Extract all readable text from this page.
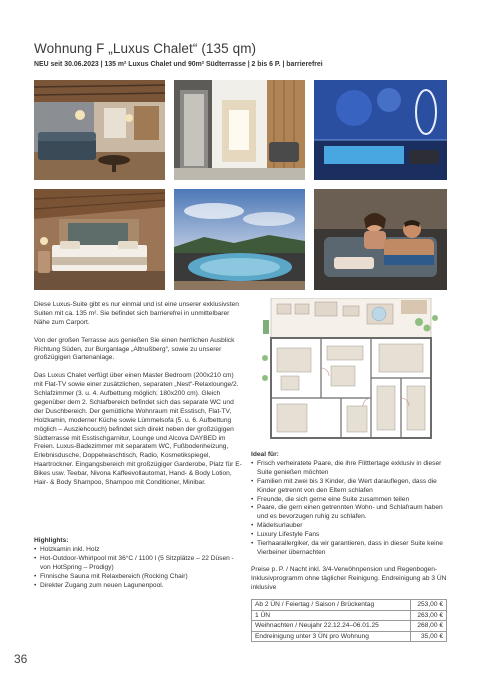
Wohnung F „Luxus Chalet“ (135 qm)
NEU seit 30.06.2023 | 135 m² Luxus Chalet und 90m² Südterrasse | 2 bis 6 P. | barrierefrei

Diese Luxus-Suite gibt es nur einmal und ist eine unserer exklusivsten Suiten mit ca. 135 m². Sie befindet sich barrierefrei in unmittelbarer Nähe zum Carport.

Von der großen Terrasse aus genießen Sie einen herrlichen Ausblick Richtung Süden, zur Burganlage „Altnußberg“, sowie zu unserer großzügigen Gartenanlage.

Das Luxus Chalet verfügt über einen Master Bedroom (200x210 cm) mit Flat-TV sowie einer zusätzlichen, separaten „Nest“-Relaxlounge/2. Schlafzimmer (3. u. 4. Aufbettung möglich; 180x200 cm). Gleich gegenüber dem 2. Schlafbereich befindet sich das separate WC und der Duschbereich. Der gemütliche Wohnraum mit Esstisch, Flat-TV, Holzkamin, moderner Küche sowie Lümmelsofa (5. u. 6. Aufbettung möglich – Ausziehcouch) befindet sich direkt neben der großzügigen Südterrasse mit Esstischgarnitur, Lounge und Alcova DAYBED im Freien. Luxus-Badezimmer mit separatem WC, Fußbodenheizung, Erlebnisdusche, Doppelwaschtisch, Radio, Kosmetikspiegel, Haartrockner. Eingangsbereich mit großzügiger Garderobe, Platz für E-Bikes usw. Teebar, Nivona Kaffeevollautomat, Hand- & Body Lotion, Hair- & Body Shampoo, Shampoo mit Conditioner, Minibar.

Highlights:
• Holzkamin inkl. Holz
• Hot-Outdoor-Whirlpool mit 36°C / 1100 l (5 Sitzplätze – 22 Düsen - von HotSpring – Prodigy)
• Finnische Sauna mit Relaxbereich (Rocking Chair)
• Direkter Zugang zum neuen Lagunenpool.
Ideal für:
• Frisch verheiratete Paare, die ihre Flitttertage exklusiv in dieser Suite genießen möchten
• Familien mit zwei bis 3 Kinder, die Wert darauflegen, dass die Kinder getrennt von den Eltern schlafen
• Freunde, die sich gerne eine Suite zusammen teilen
• Paare, die gern einen getrennten Wohn- und Schlafraum haben und es bevorzugen ruhig zu schlafen.
• Mädelsurlauber
• Luxury Lifestyle Fans
• Tierhaarallergiker, da wir garantieren, dass in dieser Suite keine Vierbeiner übernachten
Preise p. P. / Nacht inkl. 3/4-Verwöhnpension und Regenbogen-Inklusivprogramm ohne täglicher Reinigung. Endreinigung ab 3 ÜN inklusive
Ab 2 ÜN / Feiertag / Saison / Brückentag	253,00 €
1 ÜN	263,00 €
Weihnachten / Neujahr 22.12.24–06.01.25	268,00 €
Endreinigung unter 3 ÜN pro Wohnung	35,00 €
36
